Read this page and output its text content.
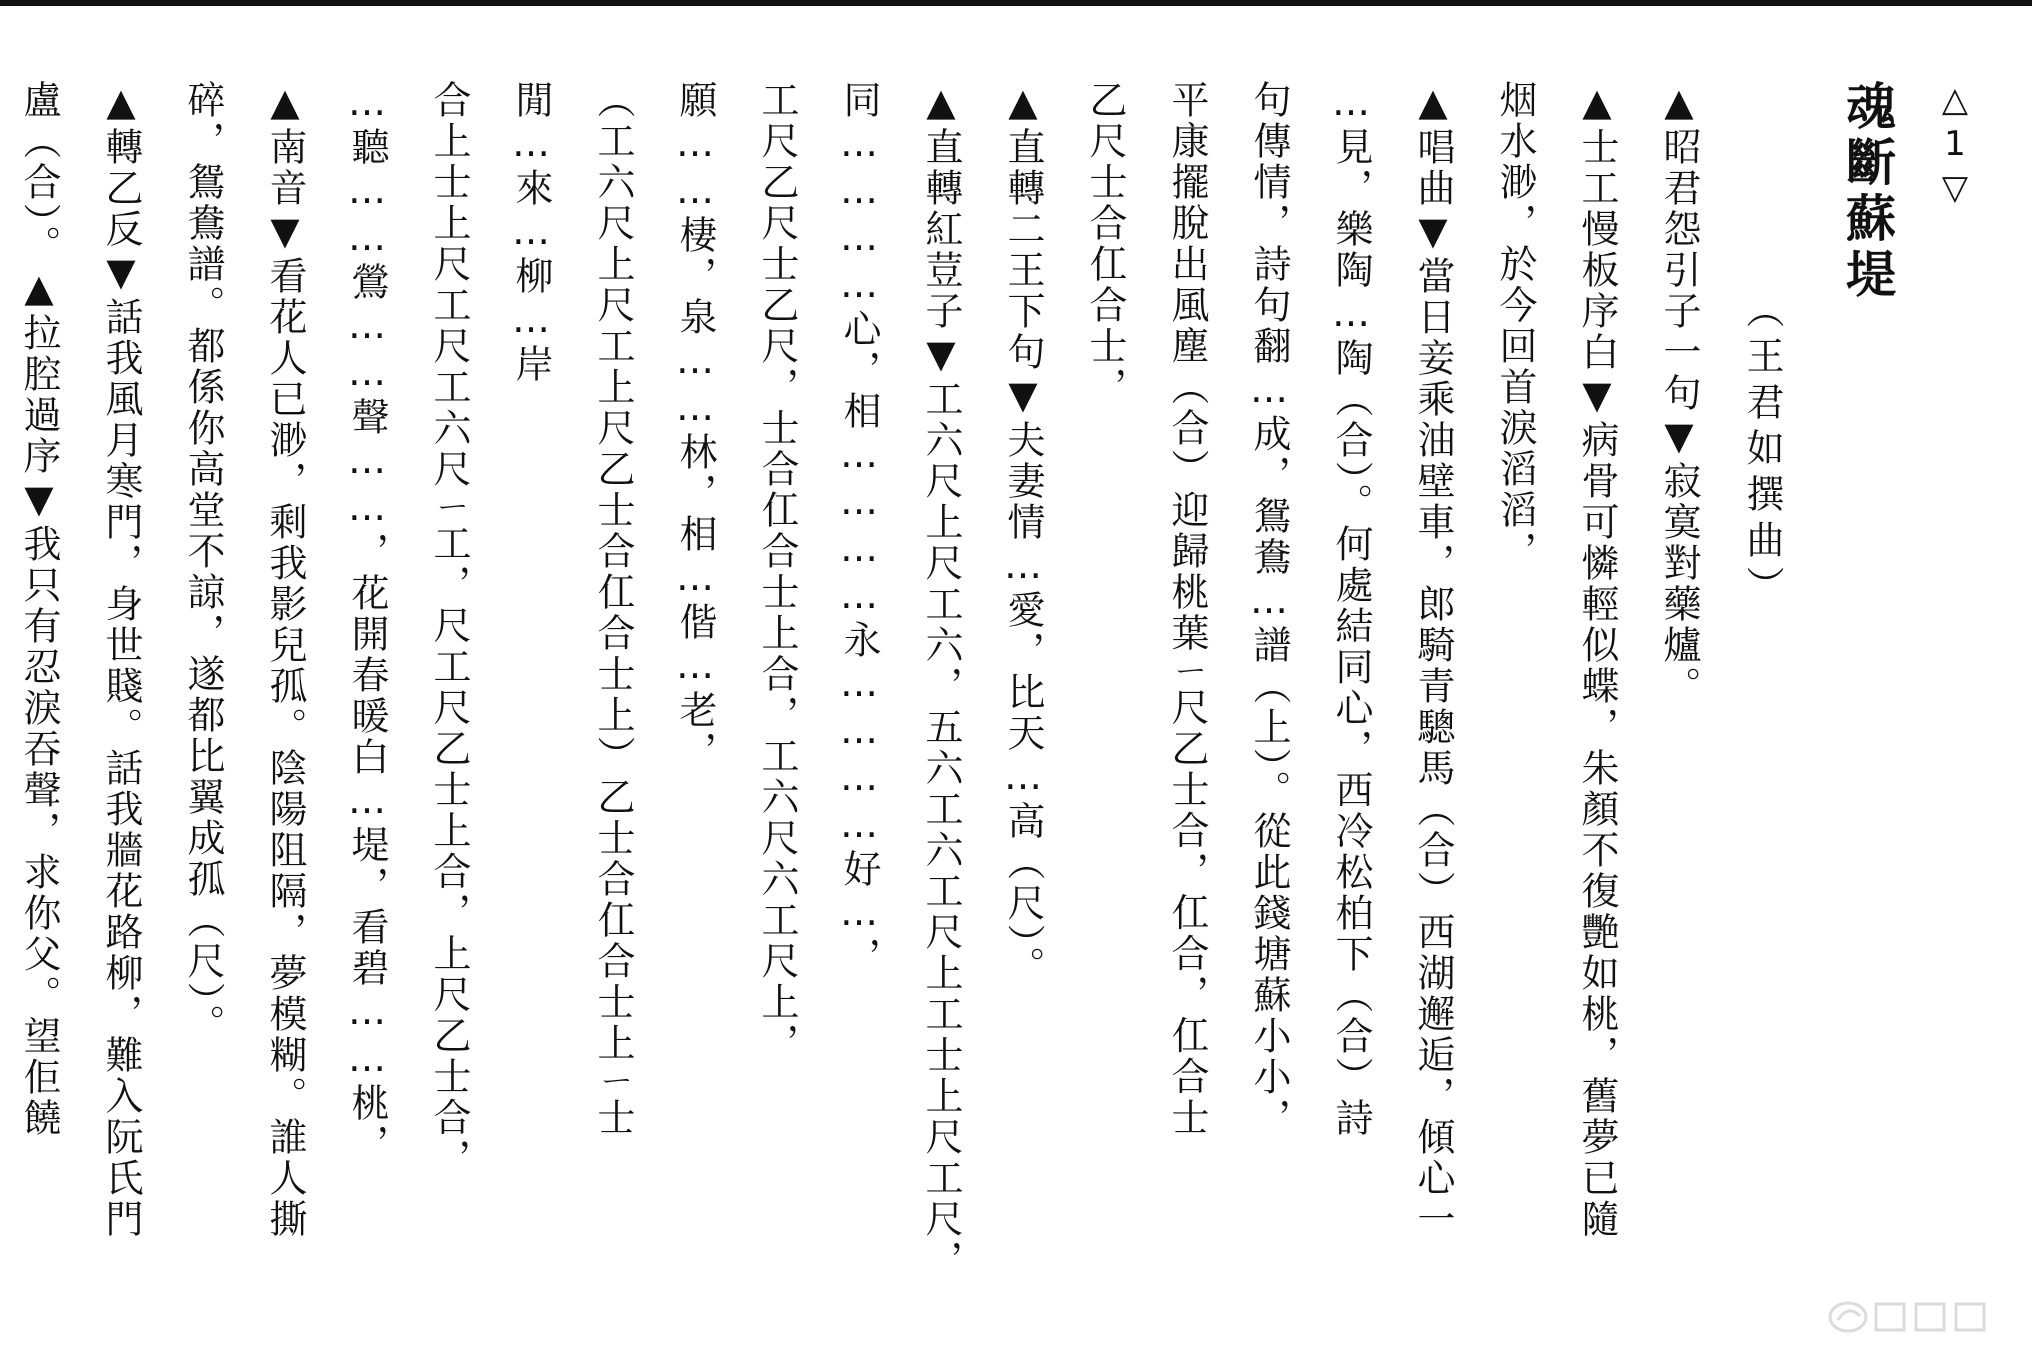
△1▽
魂斷蘇堤
（王君如撰曲）

▲昭君怨引子一句▼寂寞對藥爐。

▲士工慢板序白▼病骨可憐輕似蝶，朱顏不復艷如桃，舊夢已隨

烟水渺，於今回首淚滔滔，

▲唱曲▼當日妾乘油壁車，郎騎青驄馬（合）西湖邂逅，傾心一

…見，樂陶…陶（合）。何處結同心，西冷松柏下（合）詩

句傳情，詩句翻…成，鴛鴦…譜（上）。從此錢塘蘇小小，

平康擺脫出風塵（合）迎歸桃葉ㄧ尺乙士合，仜合，仜合士

乙尺士合仜合士，

▲直轉二王下句▼夫妻情…愛，比天…高（尺）。

▲直轉紅荳子▼工六尺上尺工六，五六工六工尺上工士上尺工尺，

同…………心，相…………永…………好…，

工尺乙尺士乙尺，士合仜合士上合，工六尺六工尺上，

願……棲，泉……林，相…偕…老，

（工六尺上尺工上尺乙士合仜合士上）乙士合仜合士上ㄧ士

閒…來…柳…岸

合上士上尺工尺工六尺ㄧ工，尺工尺乙士上合，上尺乙士合，

…聽……鶯……聲……，花開春暖白…堤，看碧……桃，

▲南音▼看花人已渺，剩我影兒孤。陰陽阻隔，夢模糊。誰人撕

碎，鴛鴦譜。都係你高堂不諒，遂都比翼成孤（尺）。

▲轉乙反▼話我風月寒門，身世賤。話我牆花路柳，難入阮氏門

盧（合）。▲拉腔過序▼我只有忍淚吞聲，求你父。望佢饒
